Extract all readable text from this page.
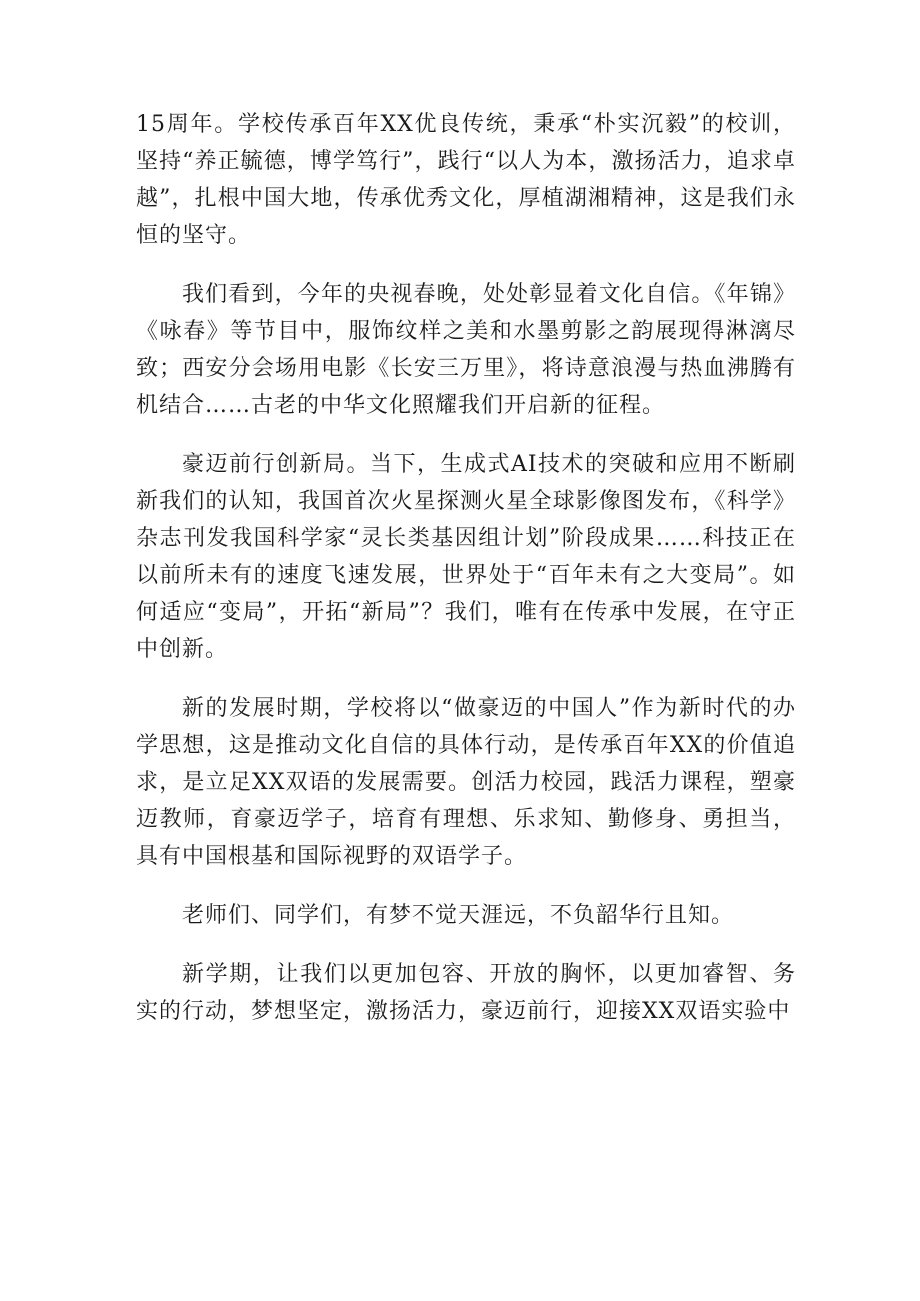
15周年。学校传承百年XX优良传统，秉承“朴实沉毅”的校训，坚持“养正毓德，博学笃行”，践行“以人为本，激扬活力，追求卓越”，扎根中国大地，传承优秀文化，厚植湖湘精神，这是我们永恒的坚守。

我们看到，今年的央视春晚，处处彰显着文化自信。《年锦》《咏春》等节目中，服饰纹样之美和水墨剪影之韵展现得淋漓尽致；西安分会场用电影《长安三万里》，将诗意浪漫与热血沸腾有机结合……古老的中华文化照耀我们开启新的征程。

豪迈前行创新局。当下，生成式AI技术的突破和应用不断刷新我们的认知，我国首次火星探测火星全球影像图发布，《科学》杂志刊发我国科学家“灵长类基因组计划”阶段成果……科技正在以前所未有的速度飞速发展，世界处于“百年未有之大变局”。如何适应“变局”，开拓“新局”？我们，唯有在传承中发展，在守正中创新。

新的发展时期，学校将以“做豪迈的中国人”作为新时代的办学思想，这是推动文化自信的具体行动，是传承百年XX的价值追求，是立足XX双语的发展需要。创活力校园，践活力课程，塑豪迈教师，育豪迈学子，培育有理想、乐求知、勤修身、勇担当，具有中国根基和国际视野的双语学子。

老师们、同学们，有梦不觉天涯远，不负韶华行且知。

新学期，让我们以更加包容、开放的胸怀，以更加睿智、务实的行动，梦想坚定，激扬活力，豪迈前行，迎接XX双语实验中
